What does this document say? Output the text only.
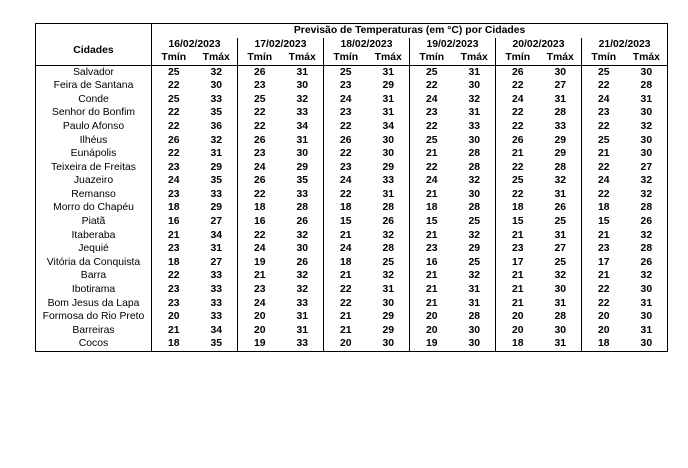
	Previsão de Temperaturas (em °C) por Cidades											
Cidades	16/02/2023		17/02/2023		18/02/2023		19/02/2023		20/02/2023		21/02/2023	
	Tmín	Tmáx	Tmín	Tmáx	Tmín	Tmáx	Tmín	Tmáx	Tmín	Tmáx	Tmín	Tmáx
Salvador	25	32	26	31	25	31	25	31	26	30	25	30
Feira de Santana	22	30	23	30	23	29	22	30	22	27	22	28
Conde	25	33	25	32	24	31	24	32	24	31	24	31
Senhor do Bonfim	22	35	22	33	23	31	23	31	22	28	23	30
Paulo Afonso	22	36	22	34	22	34	22	33	22	33	22	32
Ilhéus	26	32	26	31	26	30	25	30	26	29	25	30
Eunápolis	22	31	23	30	22	30	21	28	21	29	21	30
Teixeira de Freitas	23	29	24	29	23	29	22	28	22	28	22	27
Juazeiro	24	35	26	35	24	33	24	32	25	32	24	32
Remanso	23	33	22	33	22	31	21	30	22	31	22	32
Morro do Chapéu	18	29	18	28	18	28	18	28	18	26	18	28
Piatã	16	27	16	26	15	26	15	25	15	25	15	26
Itaberaba	21	34	22	32	21	32	21	32	21	31	21	32
Jequié	23	31	24	30	24	28	23	29	23	27	23	28
Vitória da Conquista	18	27	19	26	18	25	16	25	17	25	17	26
Barra	22	33	21	32	21	32	21	32	21	32	21	32
Ibotirama	23	33	23	32	22	31	21	31	21	30	22	30
Bom Jesus da Lapa	23	33	24	33	22	30	21	31	21	31	22	31
Formosa do Rio Preto	20	33	20	31	21	29	20	28	20	28	20	30
Barreiras	21	34	20	31	21	29	20	30	20	30	20	31
Cocos	18	35	19	33	20	30	19	30	18	31	18	30
